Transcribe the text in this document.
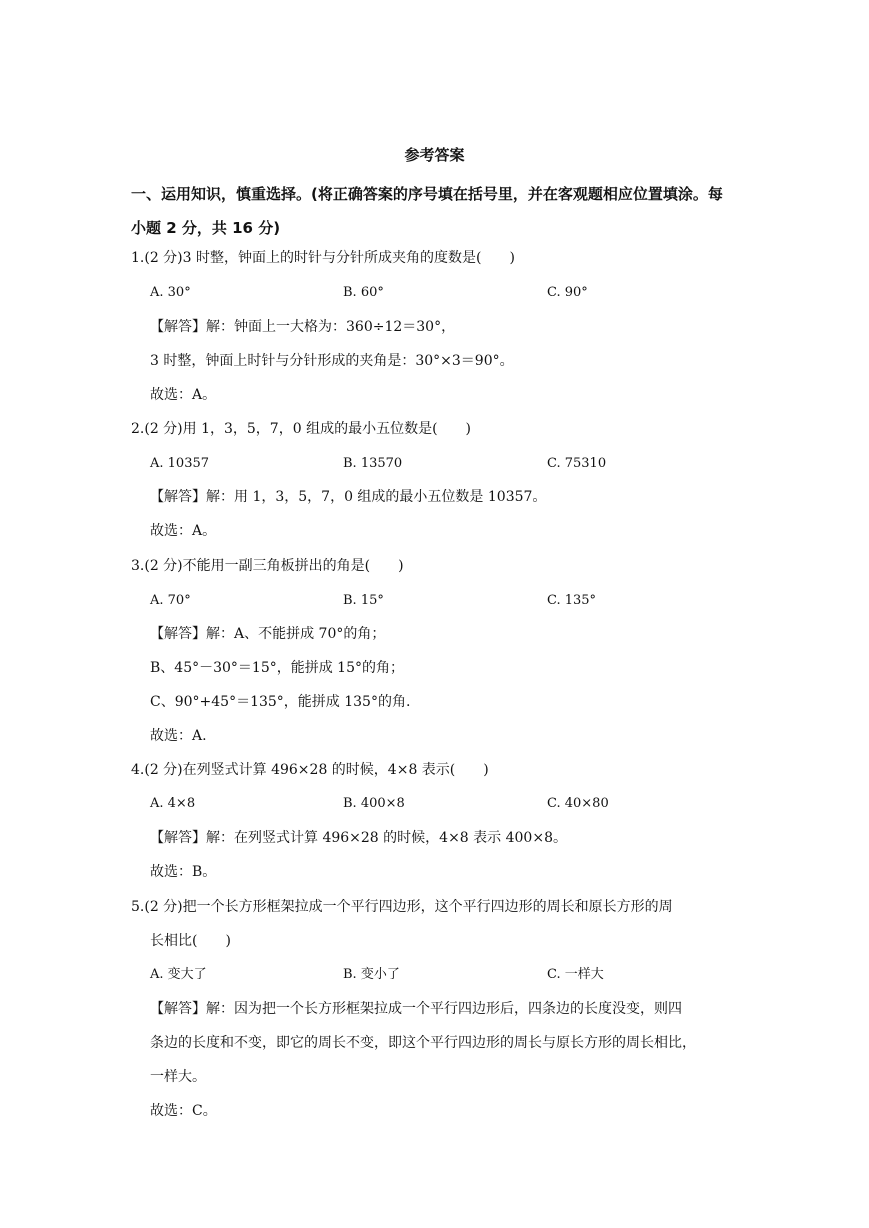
参考答案
一、运用知识，慎重选择。(将正确答案的序号填在括号里，并在客观题相应位置填涂。每
小题 2 分，共 16 分)
1.(2 分)3 时整，钟面上的时针与分针所成夹角的度数是(　　)
A. 30°	B. 60°	C. 90°
【解答】解：钟面上一大格为：360÷12＝30°，
3 时整，钟面上时针与分针形成的夹角是：30°×3＝90°。
故选：A。
2.(2 分)用 1，3，5，7，0 组成的最小五位数是(　　)
A. 10357	B. 13570	C. 75310
【解答】解：用 1，3，5，7，0 组成的最小五位数是 10357。
故选：A。
3.(2 分)不能用一副三角板拼出的角是(　　)
A. 70°	B. 15°	C. 135°
【解答】解：A、不能拼成 70°的角；
B、45°－30°＝15°，能拼成 15°的角；
C、90°+45°＝135°，能拼成 135°的角.
故选：A.
4.(2 分)在列竖式计算 496×28 的时候，4×8 表示(　　)
A. 4×8	B. 400×8	C. 40×80
【解答】解：在列竖式计算 496×28 的时候，4×8 表示 400×8。
故选：B。
5.(2 分)把一个长方形框架拉成一个平行四边形，这个平行四边形的周长和原长方形的周
长相比(　　)
A. 变大了	B. 变小了	C. 一样大
【解答】解：因为把一个长方形框架拉成一个平行四边形后，四条边的长度没变，则四
条边的长度和不变，即它的周长不变，即这个平行四边形的周长与原长方形的周长相比，
一样大。
故选：C。
